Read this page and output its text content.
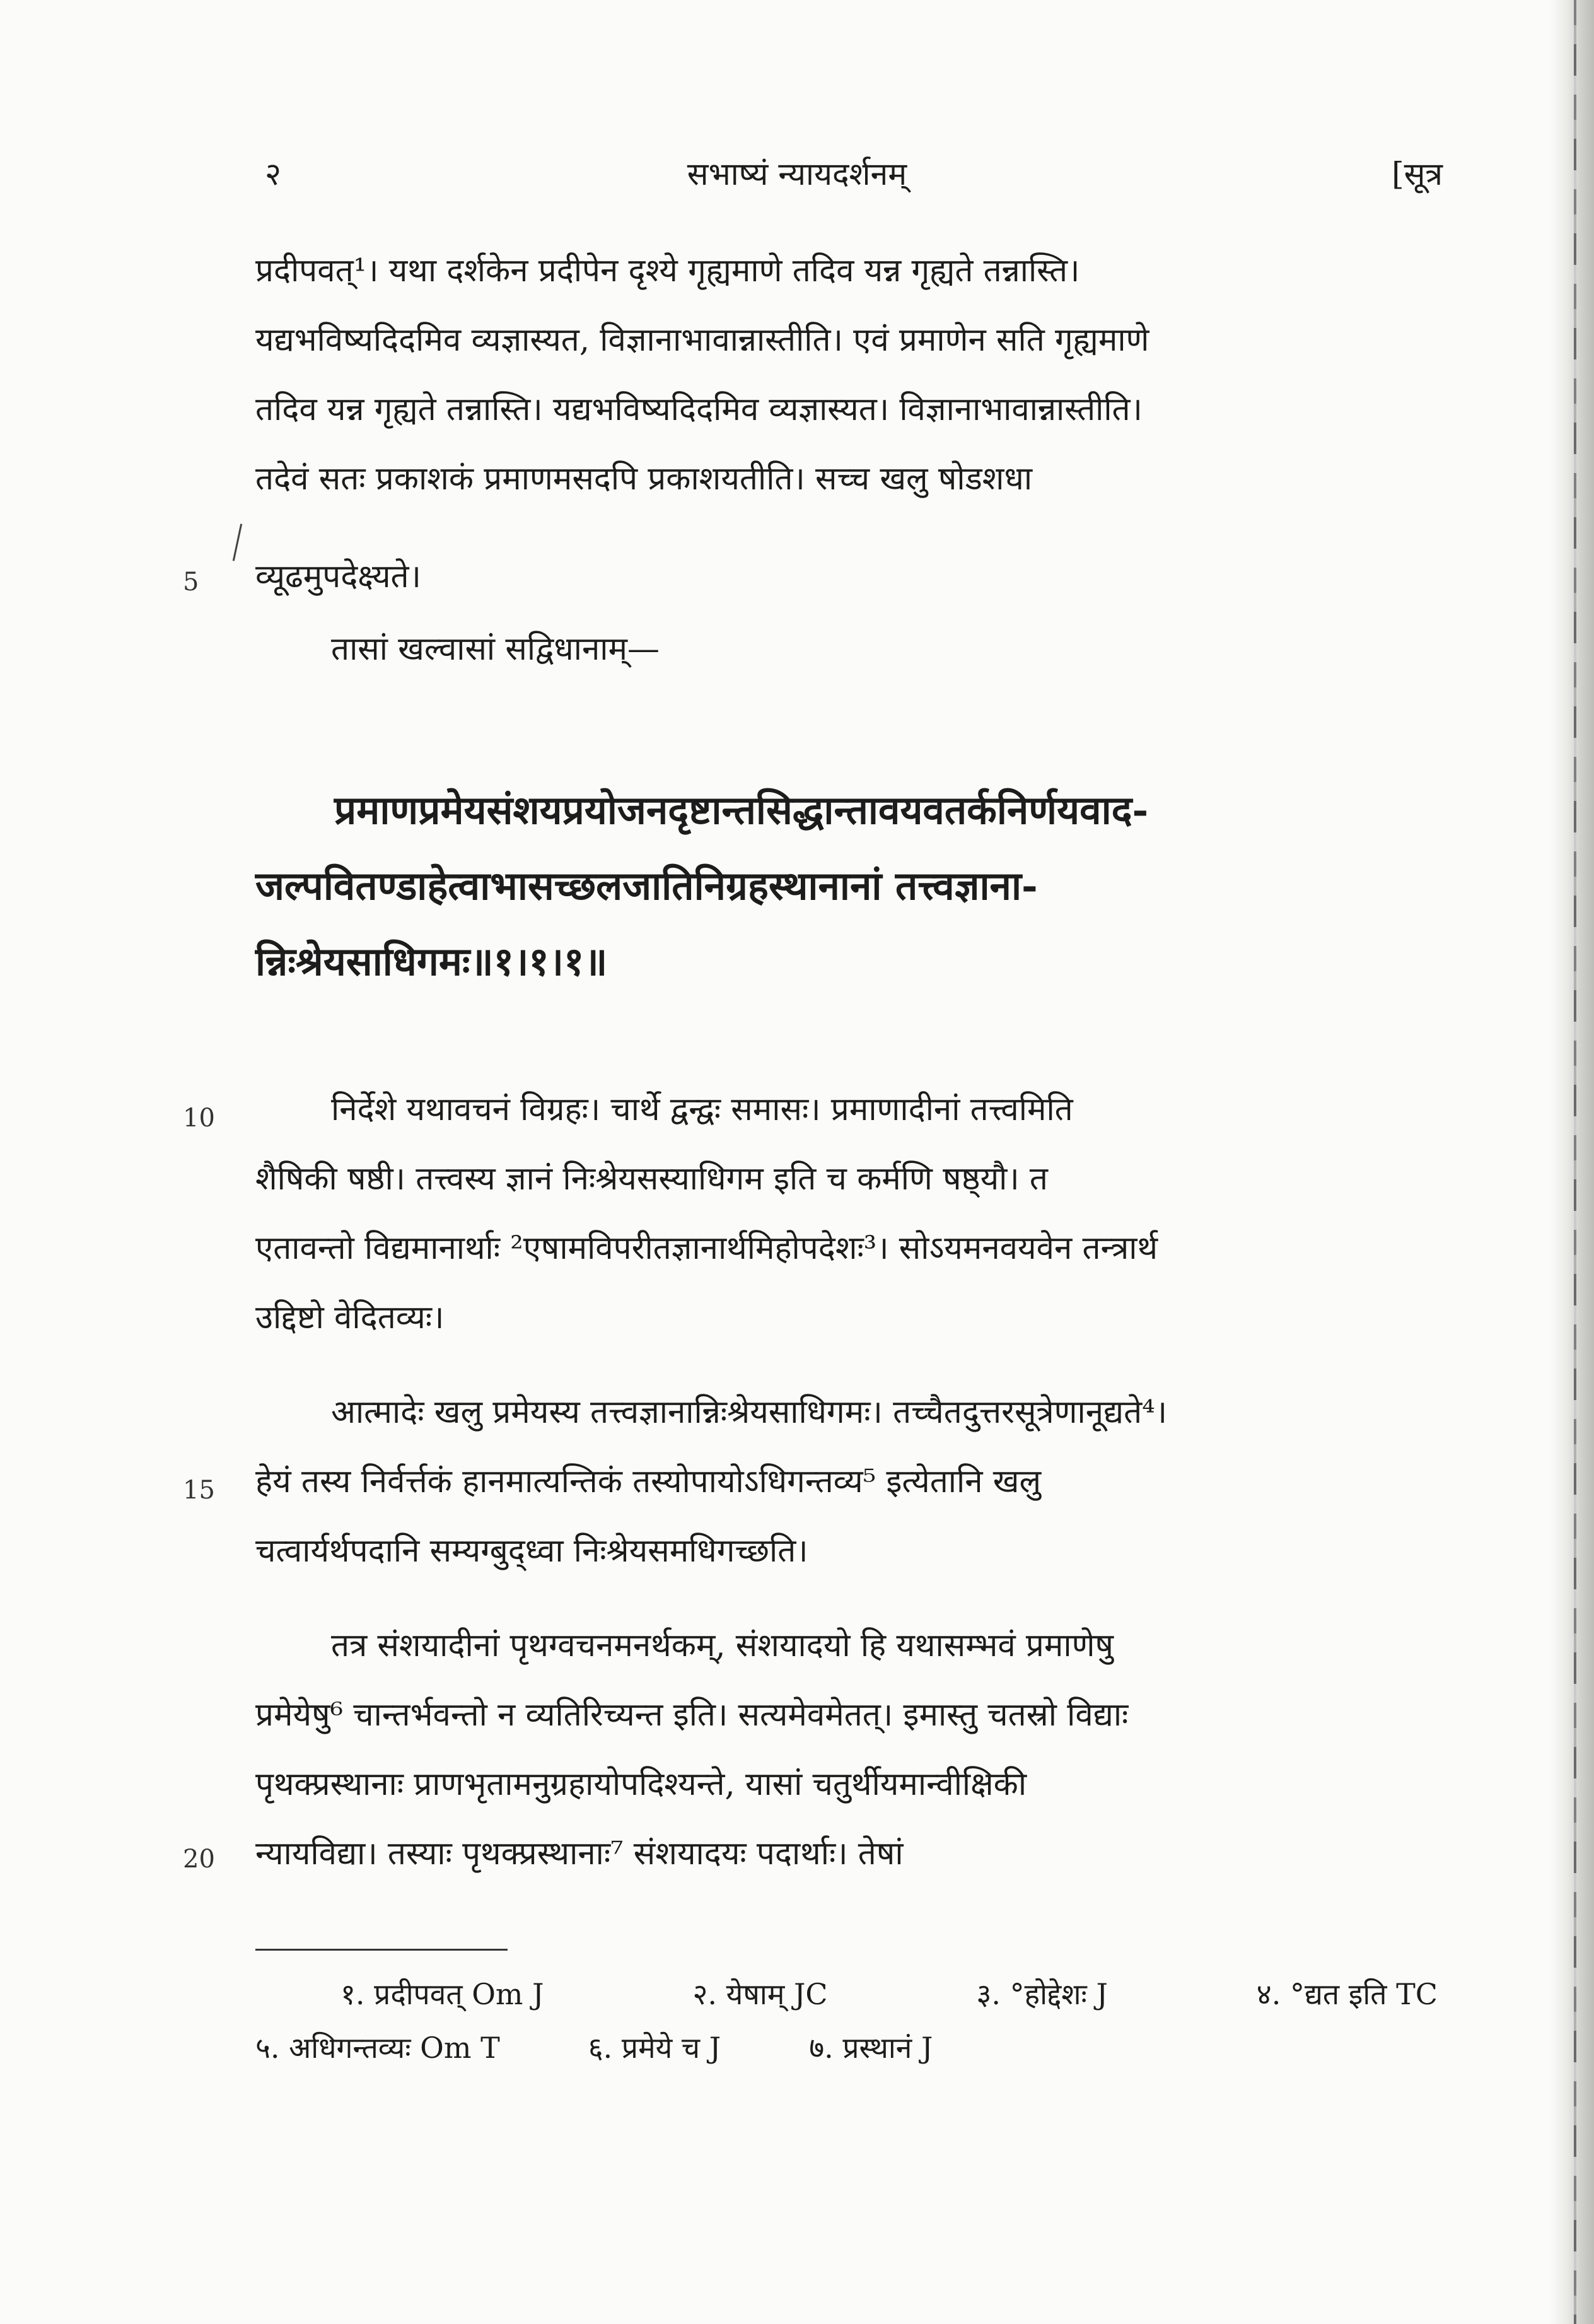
२	सभाष्यं न्यायदर्शनम्	[सूत्र
प्रदीपवत्¹। यथा दर्शकेन प्रदीपेन दृश्ये गृह्यमाणे तदिव यन्न गृह्यते तन्नास्ति।
यद्यभविष्यदिदमिव व्यज्ञास्यत, विज्ञानाभावान्नास्तीति। एवं प्रमाणेन सति गृह्यमाणे
तदिव यन्न गृह्यते तन्नास्ति। यद्यभविष्यदिदमिव व्यज्ञास्यत। विज्ञानाभावान्नास्तीति।
तदेवं सतः प्रकाशकं प्रमाणमसदपि प्रकाशयतीति। सच्च खलु षोडशधा
5 व्यूढमुपदेक्ष्यते।
तासां खल्वासां सद्विधानाम्—
प्रमाणप्रमेयसंशयप्रयोजनदृष्टान्तसिद्धान्तावयवतर्कनिर्णयवाद-
जल्पवितण्डाहेत्वाभासच्छलजातिनिग्रहस्थानानां तत्त्वज्ञाना-
न्निःश्रेयसाधिगमः॥१।१।१॥
10	निर्देशे यथावचनं विग्रहः। चार्थे द्वन्द्वः समासः। प्रमाणादीनां तत्त्वमिति
शैषिकी षष्ठी। तत्त्वस्य ज्ञानं निःश्रेयसस्याधिगम इति च कर्मणि षष्ठ्यौ। त
एतावन्तो विद्यमानार्थाः ²एषामविपरीतज्ञानार्थमिहोपदेशः³। सोऽयमनवयवेन तन्त्रार्थ
उद्दिष्टो वेदितव्यः।
आत्मादेः खलु प्रमेयस्य तत्त्वज्ञानान्निःश्रेयसाधिगमः। तच्चैतदुत्तरसूत्रेणानूद्यते⁴।
15 हेयं तस्य निर्वर्त्तकं हानमात्यन्तिकं तस्योपायोऽधिगन्तव्य⁵ इत्येतानि खलु
चत्वार्यर्थपदानि सम्यग्बुद्ध्वा निःश्रेयसमधिगच्छति।
तत्र संशयादीनां पृथग्वचनमनर्थकम्, संशयादयो हि यथासम्भवं प्रमाणेषु
प्रमेयेषु⁶ चान्तर्भवन्तो न व्यतिरिच्यन्त इति। सत्यमेवमेतत्। इमास्तु चतस्रो विद्याः
पृथक्प्रस्थानाः प्राणभृतामनुग्रहायोपदिश्यन्ते, यासां चतुर्थीयमान्वीक्षिकी
20 न्यायविद्या। तस्याः पृथक्प्रस्थानाः⁷ संशयादयः पदार्थाः। तेषां
१. प्रदीपवत् Om J	२. येषाम् JC	३. °होद्देशः J	४. °द्यत इति TC
५. अधिगन्तव्यः Om T	६. प्रमेये च J	७. प्रस्थानं J
